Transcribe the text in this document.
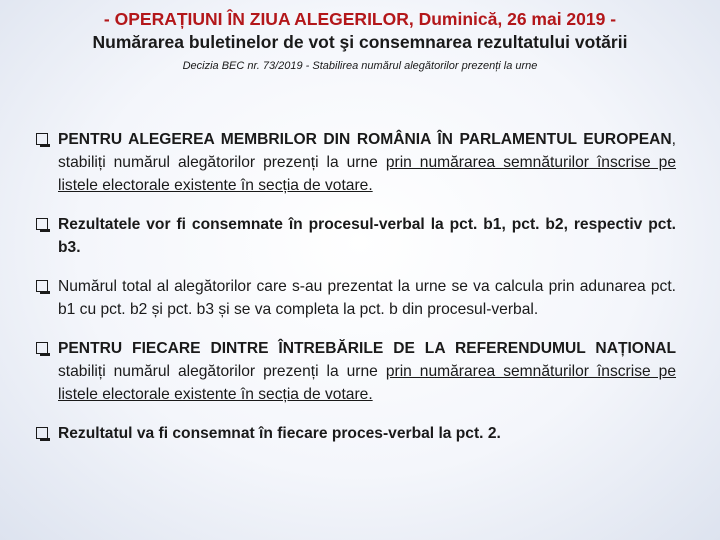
- OPERAȚIUNI ÎN ZIUA ALEGERILOR, Duminică, 26 mai 2019 -
Numărarea buletinelor de vot şi consemnarea rezultatului votării
Decizia BEC nr. 73/2019 - Stabilirea numărul alegătorilor prezenți la urne
PENTRU ALEGEREA MEMBRILOR DIN ROMÂNIA ÎN PARLAMENTUL EUROPEAN, stabiliți numărul alegătorilor prezenți la urne prin numărarea semnăturilor înscrise pe listele electorale existente în secția de votare.
Rezultatele vor fi consemnate în procesul-verbal la pct. b1, pct. b2, respectiv pct. b3.
Numărul total al alegătorilor care s-au prezentat la urne se va calcula prin adunarea pct. b1 cu pct. b2 și pct. b3 și se va completa la pct. b din procesul-verbal.
PENTRU FIECARE DINTRE ÎNTREBĂRILE DE LA REFERENDUMUL NAȚIONAL stabiliți numărul alegătorilor prezenți la urne prin numărarea semnăturilor înscrise pe listele electorale existente în secția de votare.
Rezultatul va fi consemnat în fiecare proces-verbal la pct. 2.
